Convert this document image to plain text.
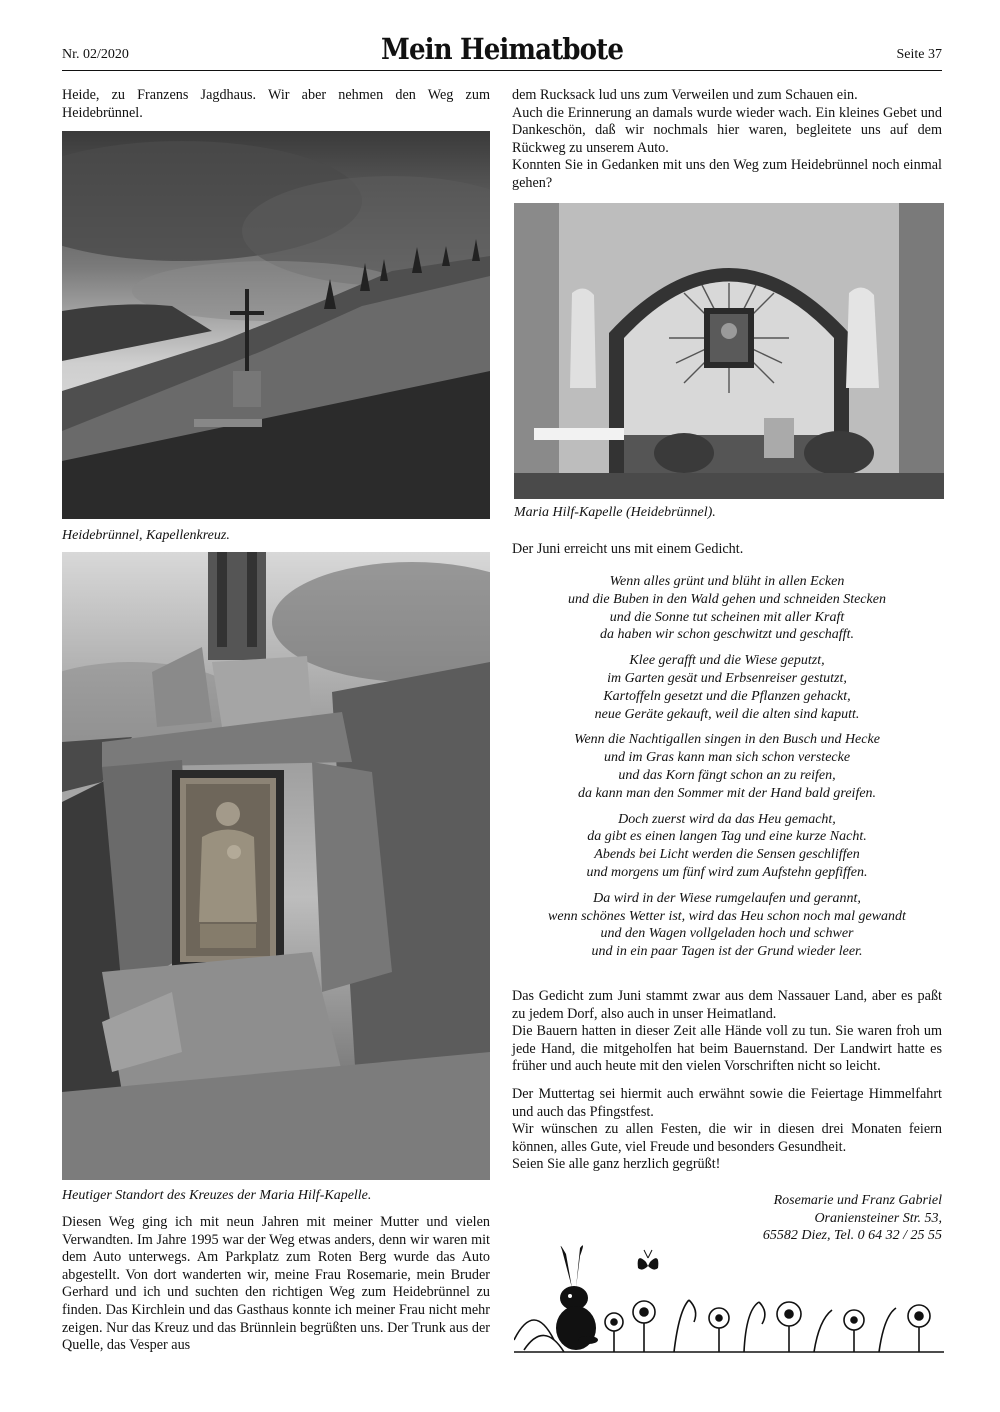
Nr. 02/2020	Mein Heimatbote	Seite 37

Heide, zu Franzens Jagdhaus. Wir aber nehmen den Weg zum Heidebrünnel.

Heidebrünnel, Kapellenkreuz.
Heutiger Standort des Kreuzes der Maria Hilf-Kapelle.

Diesen Weg ging ich mit neun Jahren mit meiner Mutter und vielen Verwandten. Im Jahre 1995 war der Weg etwas anders, denn wir waren mit dem Auto unterwegs. Am Parkplatz zum Roten Berg wurde das Auto abgestellt. Von dort wanderten wir, meine Frau Rosemarie, mein Bruder Gerhard und ich und suchten den richtigen Weg zum Heidebrünnel zu finden. Das Kirchlein und das Gasthaus konnte ich meiner Frau nicht mehr zeigen. Nur das Kreuz und das Brünnlein begrüßten uns. Der Trunk aus der Quelle, das Vesper aus

dem Rucksack lud uns zum Verweilen und zum Schauen ein.

Auch die Erinnerung an damals wurde wieder wach. Ein kleines Gebet und Dankeschön, daß wir nochmals hier waren, begleitete uns auf dem Rückweg zu unserem Auto.

Konnten Sie in Gedanken mit uns den Weg zum Heidebrünnel noch einmal gehen?

Maria Hilf-Kapelle (Heidebrünnel).

Der Juni erreicht uns mit einem Gedicht.

Wenn alles grünt und blüht in allen Ecken
und die Buben in den Wald gehen und schneiden Stecken
und die Sonne tut scheinen mit aller Kraft
da haben wir schon geschwitzt und geschafft.
Klee gerafft und die Wiese geputzt,
im Garten gesät und Erbsenreiser gestutzt,
Kartoffeln gesetzt und die Pflanzen gehackt,
neue Geräte gekauft, weil die alten sind kaputt.
Wenn die Nachtigallen singen in den Busch und Hecke
und im Gras kann man sich schon verstecke
und das Korn fängt schon an zu reifen,
da kann man den Sommer mit der Hand bald greifen.
Doch zuerst wird da das Heu gemacht,
da gibt es einen langen Tag und eine kurze Nacht.
Abends bei Licht werden die Sensen geschliffen
und morgens um fünf wird zum Aufstehn gepfiffen.
Da wird in der Wiese rumgelaufen und gerannt,
wenn schönes Wetter ist, wird das Heu schon noch mal gewandt
und den Wagen vollgeladen hoch und schwer
und in ein paar Tagen ist der Grund wieder leer.

Das Gedicht zum Juni stammt zwar aus dem Nassauer Land, aber es paßt zu jedem Dorf, also auch in unser Heimatland.

Die Bauern hatten in dieser Zeit alle Hände voll zu tun. Sie waren froh um jede Hand, die mitgeholfen hat beim Bauernstand. Der Landwirt hatte es früher und auch heute mit den vielen Vorschriften nicht so leicht.

Der Muttertag sei hiermit auch erwähnt sowie die Feiertage Himmelfahrt und auch das Pfingstfest.

Wir wünschen zu allen Festen, die wir in diesen drei Monaten feiern können, alles Gute, viel Freude und besonders Gesundheit.

Seien Sie alle ganz herzlich gegrüßt!

Rosemarie und Franz Gabriel
Oraniensteiner Str. 53,
65582 Diez, Tel. 0 64 32 / 25 55
